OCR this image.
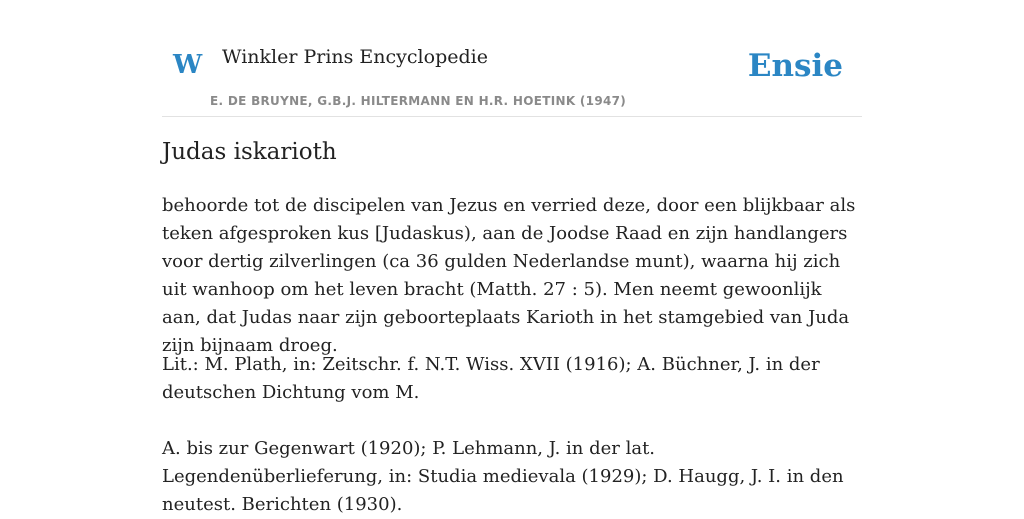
W Winkler Prins Encyclopedie
E. DE BRUYNE, G.B.J. HILTERMANN EN H.R. HOETINK (1947)
Ensie
Judas iskarioth

behoorde tot de discipelen van Jezus en verried deze, door een blijkbaar als teken afgesproken kus [Judaskus), aan de Joodse Raad en zijn handlangers voor dertig zilverlingen (ca 36 gulden Nederlandse munt), waarna hij zich uit wanhoop om het leven bracht (Matth. 27 : 5). Men neemt gewoonlijk aan, dat Judas naar zijn geboorteplaats Karioth in het stamgebied van Juda zijn bijnaam droeg.

Lit.: M. Plath, in: Zeitschr. f. N.T. Wiss. XVII (1916); A. Büchner, J. in der deutschen Dichtung vom M.

A. bis zur Gegenwart (1920); P. Lehmann, J. in der lat. Legendenüberlieferung, in: Studia medievala (1929); D. Haugg, J. I. in den neutest. Berichten (1930).
